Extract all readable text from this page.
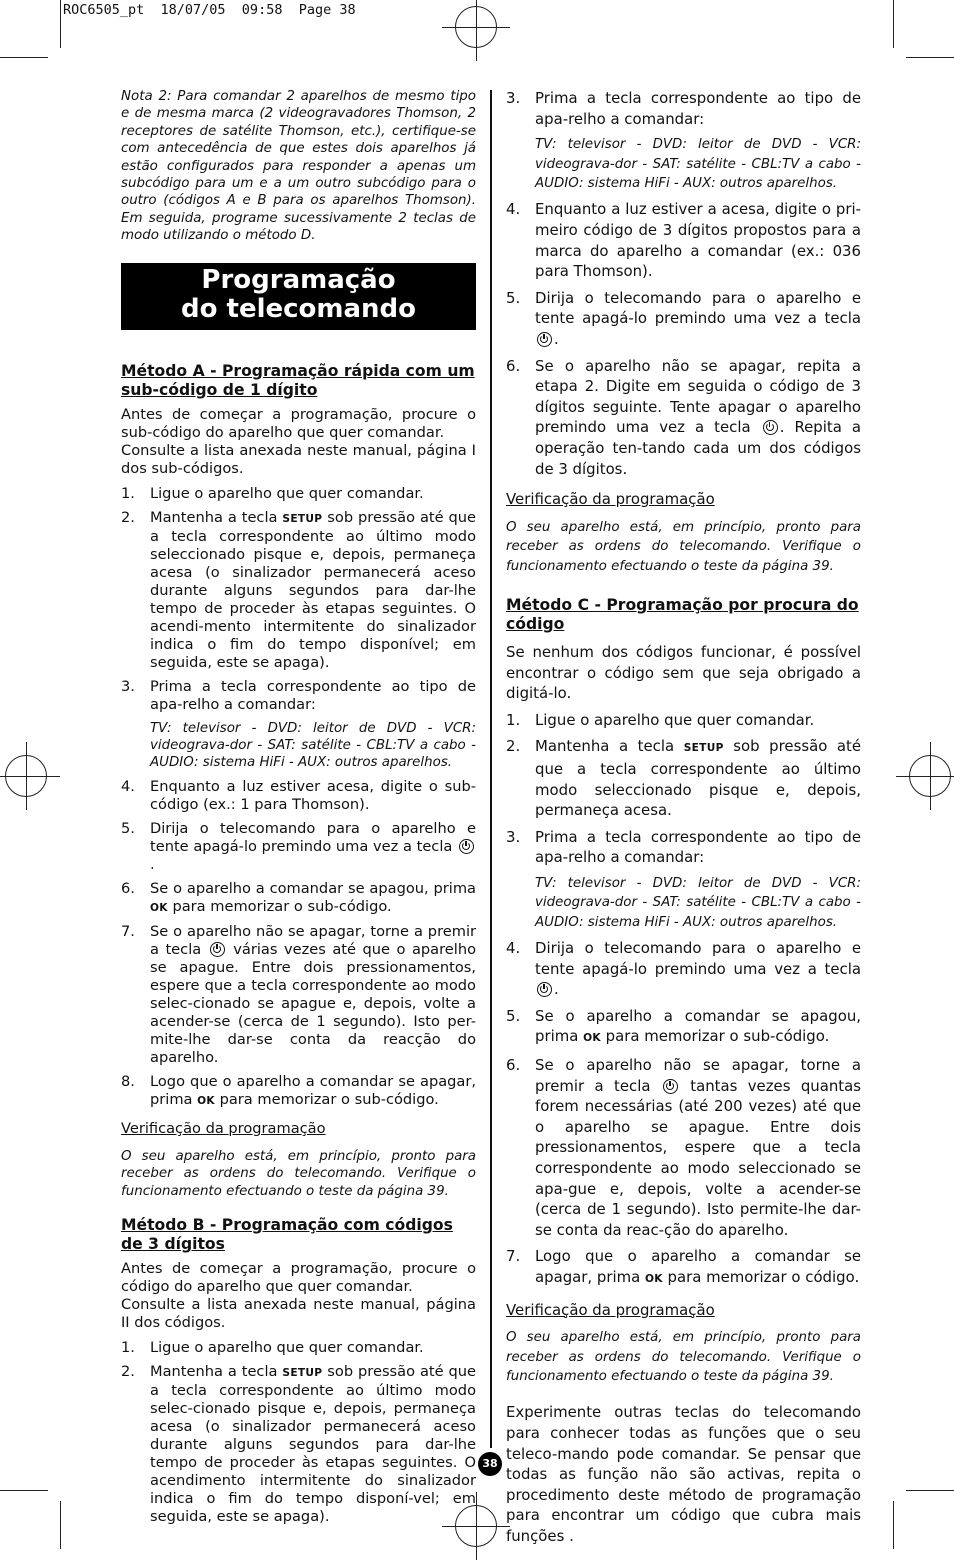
ROC6505_pt  18/07/05  09:58  Page 38

Nota 2: Para comandar 2 aparelhos de mesmo tipo e de mesma marca (2 videogravadores Thomson, 2 receptores de satélite Thomson, etc.), certifique-se com antecedência de que estes dois aparelhos já estão configurados para responder a apenas um subcódigo para um e a um outro subcódigo para o outro (códigos A e B para os aparelhos Thomson). Em seguida, programe sucessivamente 2 teclas de modo utilizando o método D.

Programação
do telecomando
Método A - Programação rápida com um sub-código de 1 dígito

Antes de começar a programação, procure o sub-código do aparelho que quer comandar.

Consulte a lista anexada neste manual, página I dos sub-códigos.

1. Ligue o aparelho que quer comandar.
2. Mantenha a tecla SETUP sob pressão até que a tecla correspondente ao último modo seleccionado pisque e, depois, permaneça acesa (o sinalizador permanecerá aceso durante alguns segundos para dar-lhe tempo de proceder às etapas seguintes. O acendi-mento intermitente do sinalizador indica o fim do tempo disponível; em seguida, este se apaga).
3. Prima a tecla correspondente ao tipo de apa-relho a comandar:

TV: televisor - DVD: leitor de DVD - VCR: videograva-dor - SAT: satélite - CBL:TV a cabo - AUDIO: sistema HiFi - AUX: outros aparelhos.

4. Enquanto a luz estiver acesa, digite o sub-código (ex.: 1 para Thomson).
5. Dirija o telecomando para o aparelho e tente apagá-lo premindo uma vez a tecla .
6. Se o aparelho a comandar se apagou, prima OK para memorizar o sub-código.
7. Se o aparelho não se apagar, torne a premir a tecla várias vezes até que o aparelho se apague. Entre dois pressionamentos, espere que a tecla correspondente ao modo selec-cionado se apague e, depois, volte a acender-se (cerca de 1 segundo). Isto per-mite-lhe dar-se conta da reacção do aparelho.
8. Logo que o aparelho a comandar se apagar, prima OK para memorizar o sub-código.

Verificação da programação

O seu aparelho está, em princípio, pronto para receber as ordens do telecomando. Verifique o funcionamento efectuando o teste da página 39.

Método B - Programação com códigos de 3 dígitos

Antes de começar a programação, procure o código do aparelho que quer comandar.

Consulte a lista anexada neste manual, página II dos códigos.

1. Ligue o aparelho que quer comandar.
2. Mantenha a tecla SETUP sob pressão até que a tecla correspondente ao último modo selec-cionado pisque e, depois, permaneça acesa (o sinalizador permanecerá aceso durante alguns segundos para dar-lhe tempo de proceder às etapas seguintes. O acendimento intermitente do sinalizador indica o fim do tempo disponí-vel; em seguida, este se apaga).
3. Prima a tecla correspondente ao tipo de apa-relho a comandar:

TV: televisor - DVD: leitor de DVD - VCR: videograva-dor - SAT: satélite - CBL:TV a cabo - AUDIO: sistema HiFi - AUX: outros aparelhos.

4. Enquanto a luz estiver a acesa, digite o pri-meiro código de 3 dígitos propostos para a marca do aparelho a comandar (ex.: 036 para Thomson).
5. Dirija o telecomando para o aparelho e tente apagá-lo premindo uma vez a tecla .
6. Se o aparelho não se apagar, repita a etapa 2. Digite em seguida o código de 3 dígitos seguinte. Tente apagar o aparelho premindo uma vez a tecla . Repita a operação ten-tando cada um dos códigos de 3 dígitos.

Verificação da programação

O seu aparelho está, em princípio, pronto para receber as ordens do telecomando. Verifique o funcionamento efectuando o teste da página 39.

Método C - Programação por procura do código

Se nenhum dos códigos funcionar, é possível encontrar o código sem que seja obrigado a digitá-lo.

1. Ligue o aparelho que quer comandar.
2. Mantenha a tecla SETUP sob pressão até que a tecla correspondente ao último modo seleccionado pisque e, depois, permaneça acesa.
3. Prima a tecla correspondente ao tipo de apa-relho a comandar:

TV: televisor - DVD: leitor de DVD - VCR: videograva-dor - SAT: satélite - CBL:TV a cabo - AUDIO: sistema HiFi - AUX: outros aparelhos.

4. Dirija o telecomando para o aparelho e tente apagá-lo premindo uma vez a tecla .
5. Se o aparelho a comandar se apagou, prima OK para memorizar o sub-código.
6. Se o aparelho não se apagar, torne a premir a tecla	tantas vezes quantas forem necessárias (até 200 vezes) até que o aparelho se apague. Entre dois pressionamentos, espere que a tecla correspondente ao modo seleccionado se apa-gue e, depois, volte a acender-se (cerca de 1 segundo). Isto permite-lhe dar-se conta da reac-ção do aparelho.
7. Logo que o aparelho a comandar se apagar, prima OK para memorizar o código.

Verificação da programação

O seu aparelho está, em princípio, pronto para receber as ordens do telecomando. Verifique o funcionamento efectuando o teste da página 39.

Experimente outras teclas do telecomando para conhecer todas as funções que o seu teleco-mando pode comandar. Se pensar que todas as função não são activas, repita o procedimento deste método de programação para encontrar um código que cubra mais funções .

38
